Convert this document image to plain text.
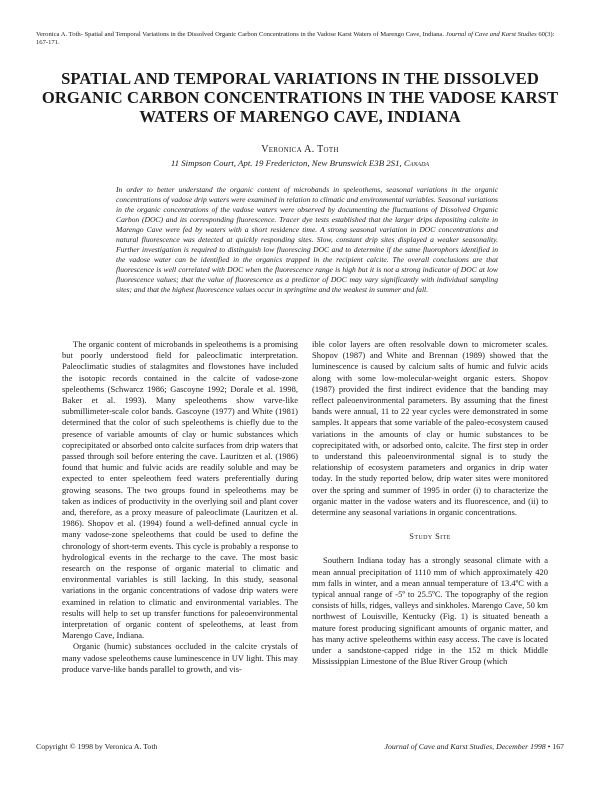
Veronica A. Toth- Spatial and Temporal Variations in the Dissolved Organic Carbon Concentrations in the Vadose Karst Waters of Marengo Cave, Indiana. Journal of Cave and Karst Studies 60(3): 167-171.
SPATIAL AND TEMPORAL VARIATIONS IN THE DISSOLVED ORGANIC CARBON CONCENTRATIONS IN THE VADOSE KARST WATERS OF MARENGO CAVE, INDIANA
Veronica A. Toth
11 Simpson Court, Apt. 19 Fredericton, New Brunswick E3B 2S1, Canada

In order to better understand the organic content of microbands in speleothems, seasonal variations in the organic concentrations of vadose drip waters were examined in relation to climatic and environmental variables. Seasonal variations in the organic concentrations of the vadose waters were observed by documenting the fluctuations of Dissolved Organic Carbon (DOC) and its corresponding fluorescence. Tracer dye tests established that the larger drips depositing calcite in Marengo Cave were fed by waters with a short residence time. A strong seasonal variation in DOC concentrations and natural fluorescence was detected at quickly responding sites. Slow, constant drip sites displayed a weaker seasonality. Further investigation is required to distinguish low fluorescing DOC and to determine if the same fluorophors identified in the vadose water can be identified in the organics trapped in the recipient calcite. The overall conclusions are that fluorescence is well correlated with DOC when the fluorescence range is high but it is not a strong indicator of DOC at low fluorescence values; that the value of fluorescence as a predictor of DOC may vary significantly with individual sampling sites; and that the highest fluorescence values occur in springtime and the weakest in summer and fall.

The organic content of microbands in speleothems is a promising but poorly understood field for paleoclimatic interpretation. Paleoclimatic studies of stalagmites and flowstones have included the isotopic records contained in the calcite of vadose-zone speleothems (Schwarcz 1986; Gascoyne 1992; Dorale et al. 1998, Baker et al. 1993). Many speleothems show varve-like submillimeter-scale color bands. Gascoyne (1977) and White (1981) determined that the color of such speleothems is chiefly due to the presence of variable amounts of clay or humic substances which coprecipitated or absorbed onto calcite surfaces from drip waters that passed through soil before entering the cave. Lauritzen et al. (1986) found that humic and fulvic acids are readily soluble and may be expected to enter speleothem feed waters preferentially during growing seasons. The two groups found in speleothems may be taken as indices of productivity in the overlying soil and plant cover and, therefore, as a proxy measure of paleoclimate (Lauritzen et al. 1986). Shopov et al. (1994) found a well-defined annual cycle in many vadose-zone speleothems that could be used to define the chronology of short-term events. This cycle is probably a response to hydrological events in the recharge to the cave. The most basic research on the response of organic material to climatic and environmental variables is still lacking. In this study, seasonal variations in the organic concentrations of vadose drip waters were examined in relation to climatic and environmental variables. The results will help to set up transfer functions for paleoenvironmental interpretation of organic content of speleothems, at least from Marengo Cave, Indiana.

Organic (humic) substances occluded in the calcite crystals of many vadose speleothems cause luminescence in UV light. This may produce varve-like bands parallel to growth, and vis-

ible color layers are often resolvable down to micrometer scales. Shopov (1987) and White and Brennan (1989) showed that the luminescence is caused by calcium salts of humic and fulvic acids along with some low-molecular-weight organic esters. Shopov (1987) provided the first indirect evidence that the banding may reflect paleoenvironmental parameters. By assuming that the finest bands were annual, 11 to 22 year cycles were demonstrated in some samples. It appears that some variable of the paleo-ecosystem caused variations in the amounts of clay or humic substances to be coprecipitated with, or adsorbed onto, calcite. The first step in order to understand this paleoenvironmental signal is to study the relationship of ecosystem parameters and organics in drip water today. In the study reported below, drip water sites were monitored over the spring and summer of 1995 in order (i) to characterize the organic matter in the vadose waters and its fluorescence, and (ii) to determine any seasonal variations in organic concentrations.

Study Site

Southern Indiana today has a strongly seasonal climate with a mean annual precipitation of 1110 mm of which approximately 420 mm falls in winter, and a mean annual temperature of 13.4ºC with a typical annual range of -5º to 25.5ºC. The topography of the region consists of hills, ridges, valleys and sinkholes. Marengo Cave, 50 km northwest of Louisville, Kentucky (Fig. 1) is situated beneath a mature forest producing significant amounts of organic matter, and has many active speleothems within easy access. The cave is located under a sandstone-capped ridge in the 152 m thick Middle Mississippian Limestone of the Blue River Group (which

Copyright © 1998 by Veronica A. Toth	Journal of Cave and Karst Studies, December 1998 • 167
